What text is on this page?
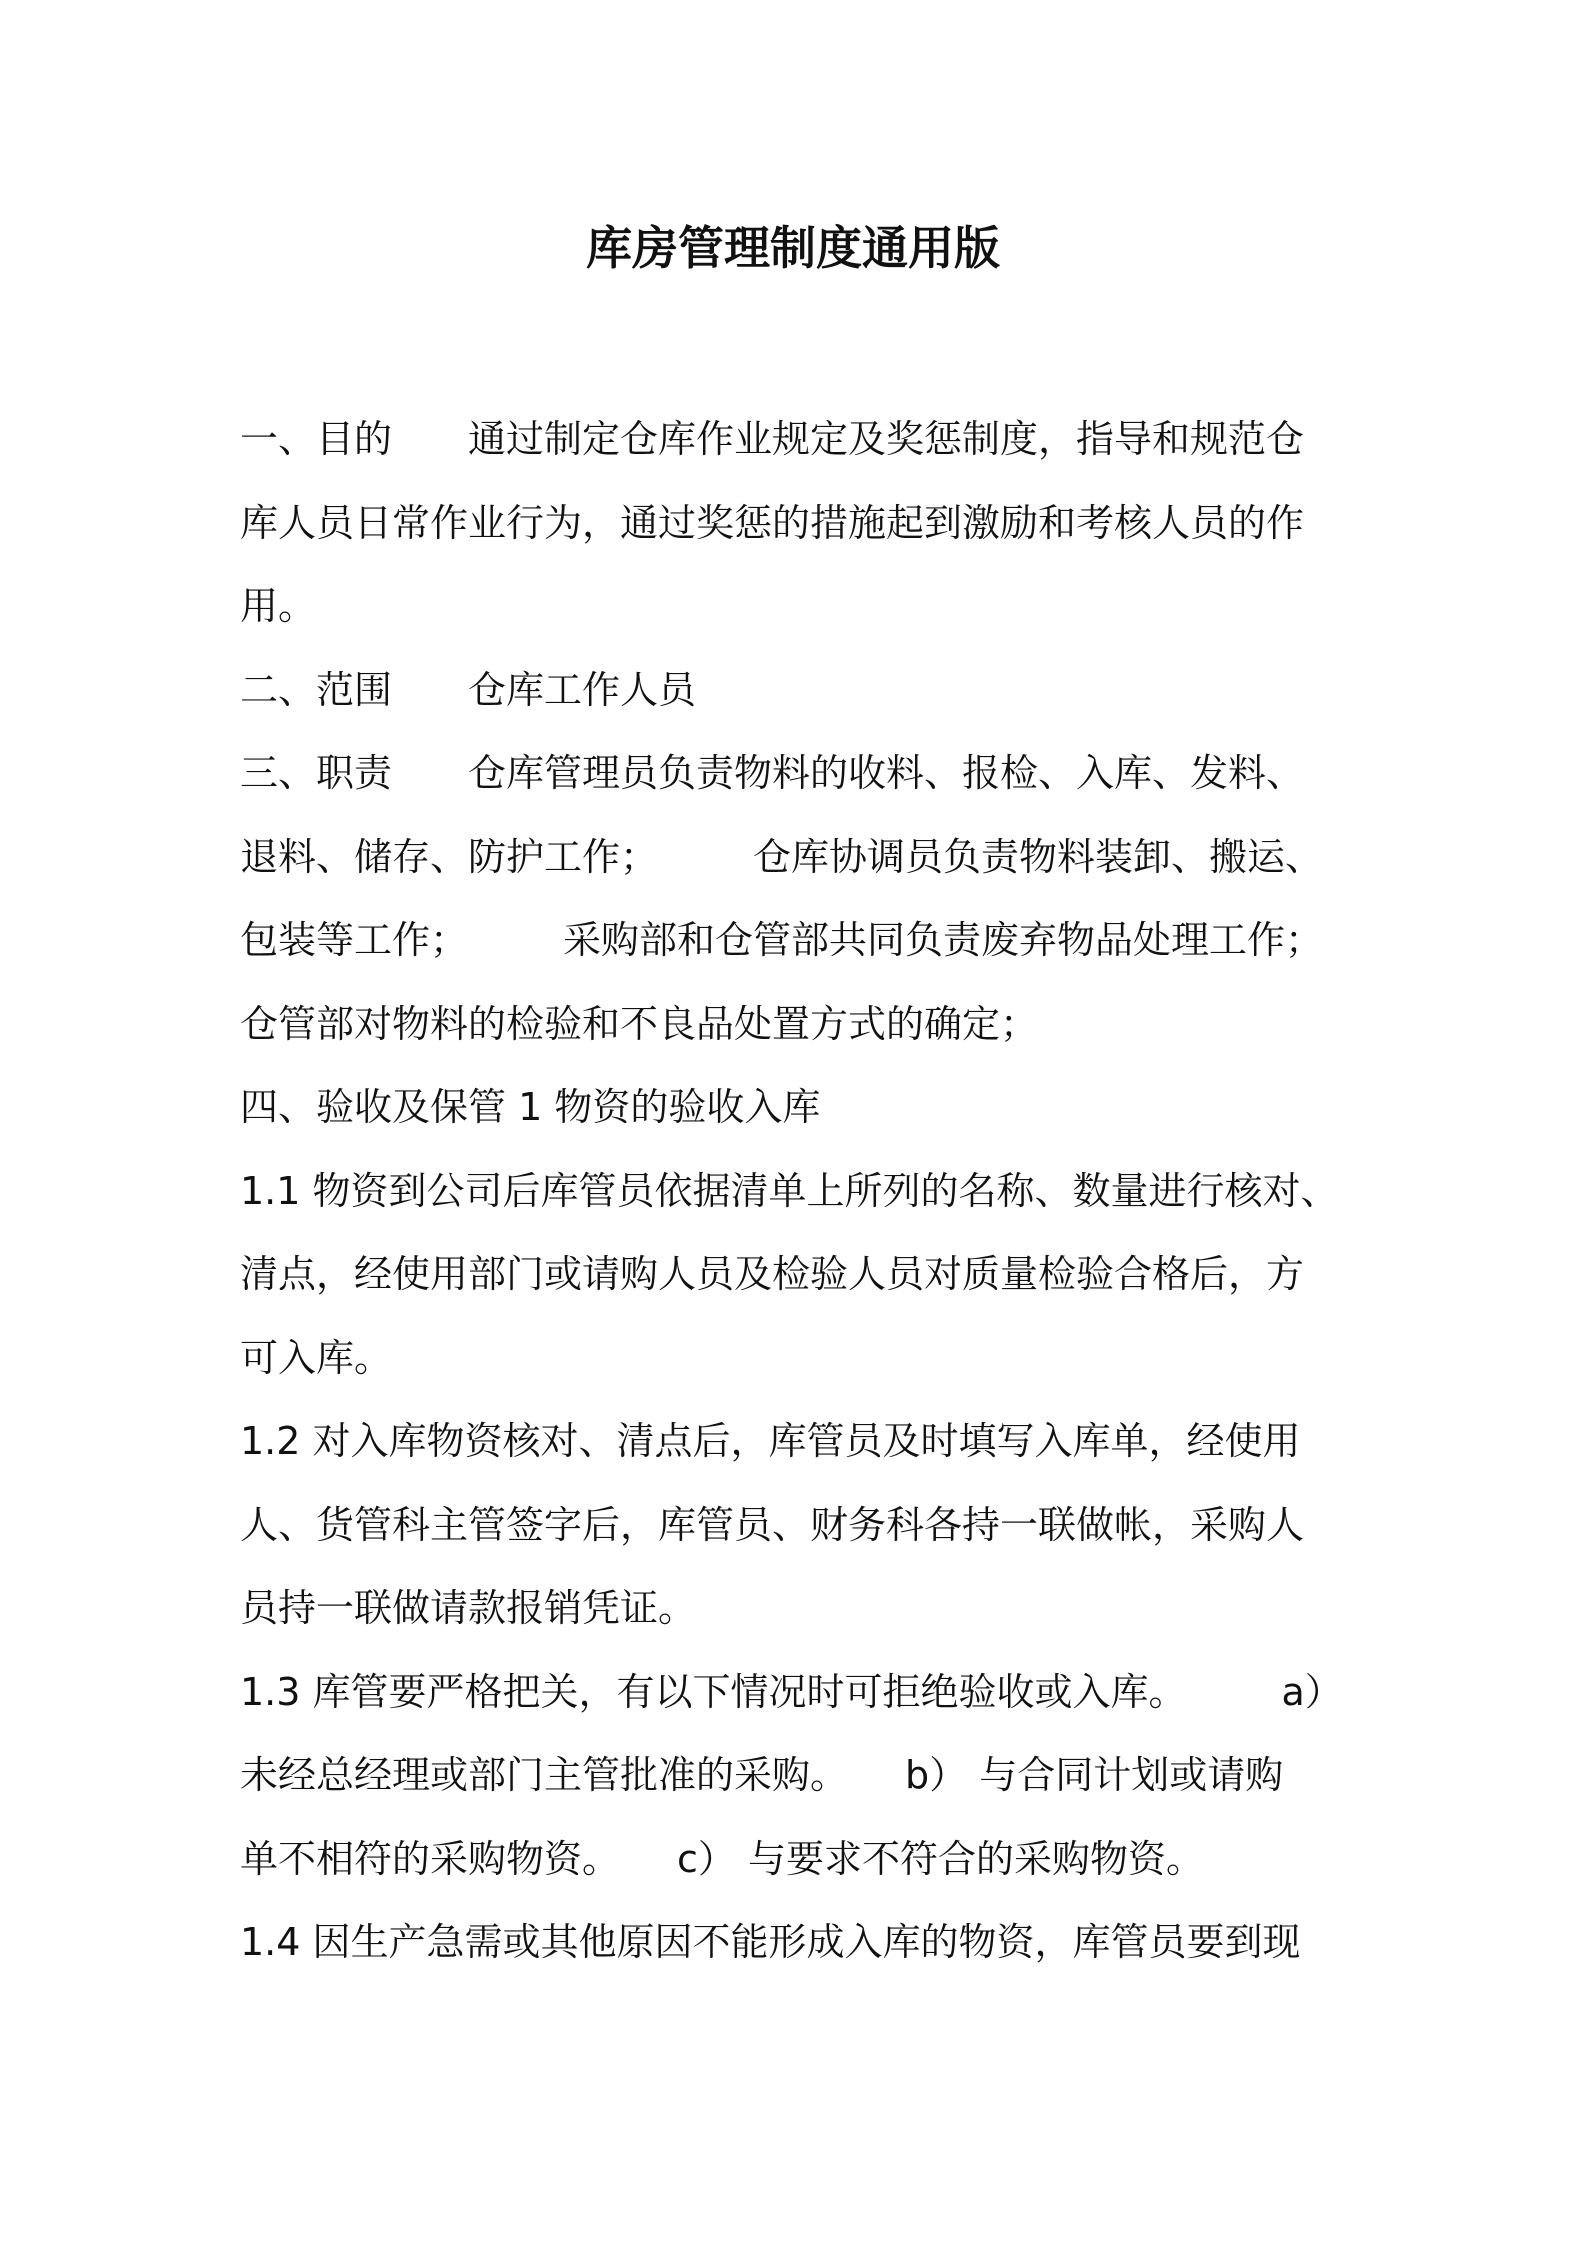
库房管理制度通用版
一、目的　　通过制定仓库作业规定及奖惩制度，指导和规范仓
库人员日常作业行为，通过奖惩的措施起到激励和考核人员的作
用。
二、范围　　仓库工作人员
三、职责　　仓库管理员负责物料的收料、报检、入库、发料、
退料、储存、防护工作；　　　仓库协调员负责物料装卸、搬运、
包装等工作；　　　采购部和仓管部共同负责废弃物品处理工作；
仓管部对物料的检验和不良品处置方式的确定；
四、验收及保管 1 物资的验收入库
1.1 物资到公司后库管员依据清单上所列的名称、数量进行核对、
清点，经使用部门或请购人员及检验人员对质量检验合格后，方
可入库。
1.2 对入库物资核对、清点后，库管员及时填写入库单，经使用
人、货管科主管签字后，库管员、财务科各持一联做帐，采购人
员持一联做请款报销凭证。
1.3 库管要严格把关，有以下情况时可拒绝验收或入库。　　　a）
未经总经理或部门主管批准的采购。　　b） 与合同计划或请购
单不相符的采购物资。　　c） 与要求不符合的采购物资。
1.4 因生产急需或其他原因不能形成入库的物资，库管员要到现
